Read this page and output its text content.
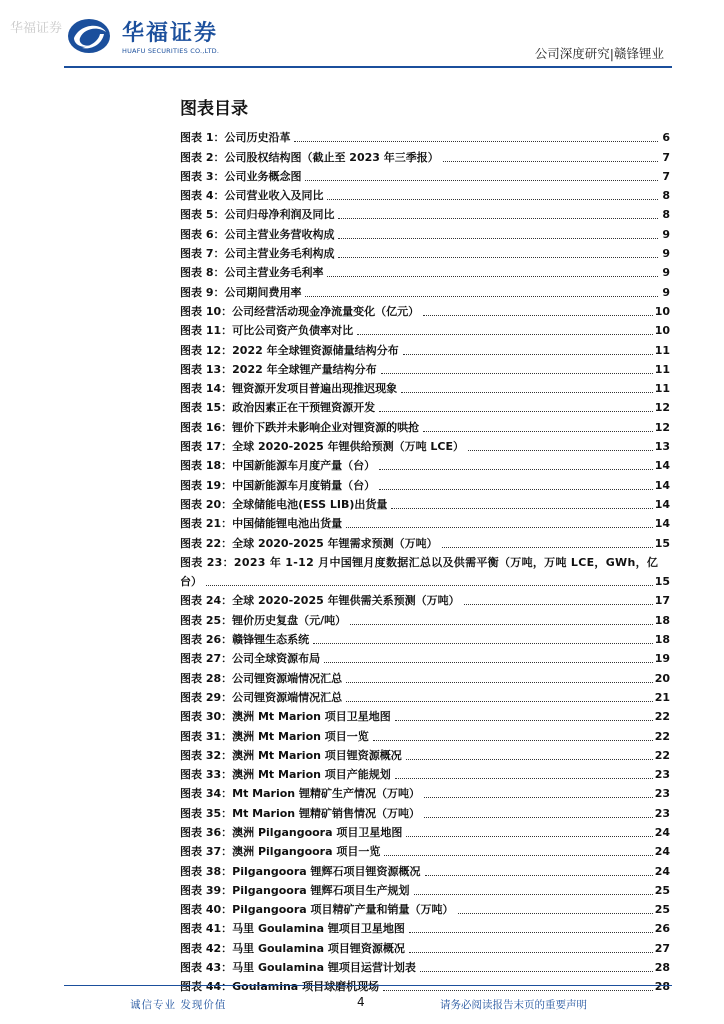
华福证券	华福证券
HUAFU SECURITIES CO.,LTD.	公司深度研究|赣锋锂业
图表目录
图表 1：公司历史沿革	6
图表 2：公司股权结构图（截止至 2023 年三季报）	7
图表 3：公司业务概念图	7
图表 4：公司营业收入及同比	8
图表 5：公司归母净利润及同比	8
图表 6：公司主营业务营收构成	9
图表 7：公司主营业务毛利构成	9
图表 8：公司主营业务毛利率	9
图表 9：公司期间费用率	9
图表 10：公司经营活动现金净流量变化（亿元）	10
图表 11：可比公司资产负债率对比	10
图表 12：2022 年全球锂资源储量结构分布	11
图表 13：2022 年全球锂产量结构分布	11
图表 14：锂资源开发项目普遍出现推迟现象	11
图表 15：政治因素正在干预锂资源开发	12
图表 16：锂价下跌并未影响企业对锂资源的哄抢	12
图表 17：全球 2020-2025 年锂供给预测（万吨 LCE）	13
图表 18：中国新能源车月度产量（台）	14
图表 19：中国新能源车月度销量（台）	14
图表 20：全球储能电池(ESS LIB)出货量	14
图表 21：中国储能锂电池出货量	14
图表 22：全球 2020-2025 年锂需求预测（万吨）	15
图表 23：2023 年 1-12 月中国锂月度数据汇总以及供需平衡（万吨，万吨 LCE，GWh，亿
台）	15
图表 24：全球 2020-2025 年锂供需关系预测（万吨）	17
图表 25：锂价历史复盘（元/吨）	18
图表 26：赣锋锂生态系统	18
图表 27：公司全球资源布局	19
图表 28：公司锂资源端情况汇总	20
图表 29：公司锂资源端情况汇总	21
图表 30：澳洲 Mt Marion 项目卫星地图	22
图表 31：澳洲 Mt Marion 项目一览	22
图表 32：澳洲 Mt Marion 项目锂资源概况	22
图表 33：澳洲 Mt Marion 项目产能规划	23
图表 34：Mt Marion 锂精矿生产情况（万吨）	23
图表 35：Mt Marion 锂精矿销售情况（万吨）	23
图表 36：澳洲 Pilgangoora 项目卫星地图	24
图表 37：澳洲 Pilgangoora 项目一览	24
图表 38：Pilgangoora 锂辉石项目锂资源概况	24
图表 39：Pilgangoora 锂辉石项目生产规划	25
图表 40：Pilgangoora 项目精矿产量和销量（万吨）	25
图表 41：马里 Goulamina 锂项目卫星地图	26
图表 42：马里 Goulamina 项目锂资源概况	27
图表 43：马里 Goulamina 锂项目运营计划表	28
图表 44：Goulamina 项目球磨机现场	28
诚信专业 发现价值	4	请务必阅读报告末页的重要声明
